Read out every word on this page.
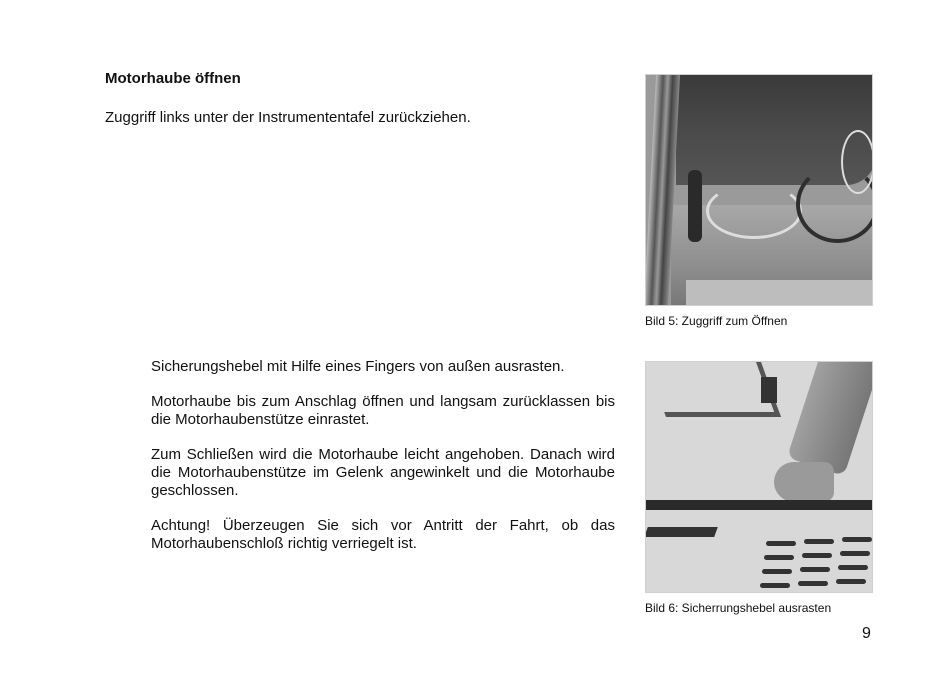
Motorhaube öffnen
Zuggriff links unter der Instrumententafel zurückziehen.

Sicherungshebel mit Hilfe eines Fingers von außen ausrasten.

Motorhaube bis zum Anschlag öffnen und langsam zurücklassen bis die Motorhaubenstütze einrastet.

Zum Schließen wird die Motorhaube leicht angehoben. Danach wird die Motorhaubenstütze im Gelenk angewinkelt und die Motorhaube geschlossen.

Achtung! Überzeugen Sie sich vor Antritt der Fahrt, ob das Motorhaubenschloß richtig verriegelt ist.

Bild 5: Zuggriff zum Öffnen
Bild 6: Sicherrungshebel ausrasten
9
